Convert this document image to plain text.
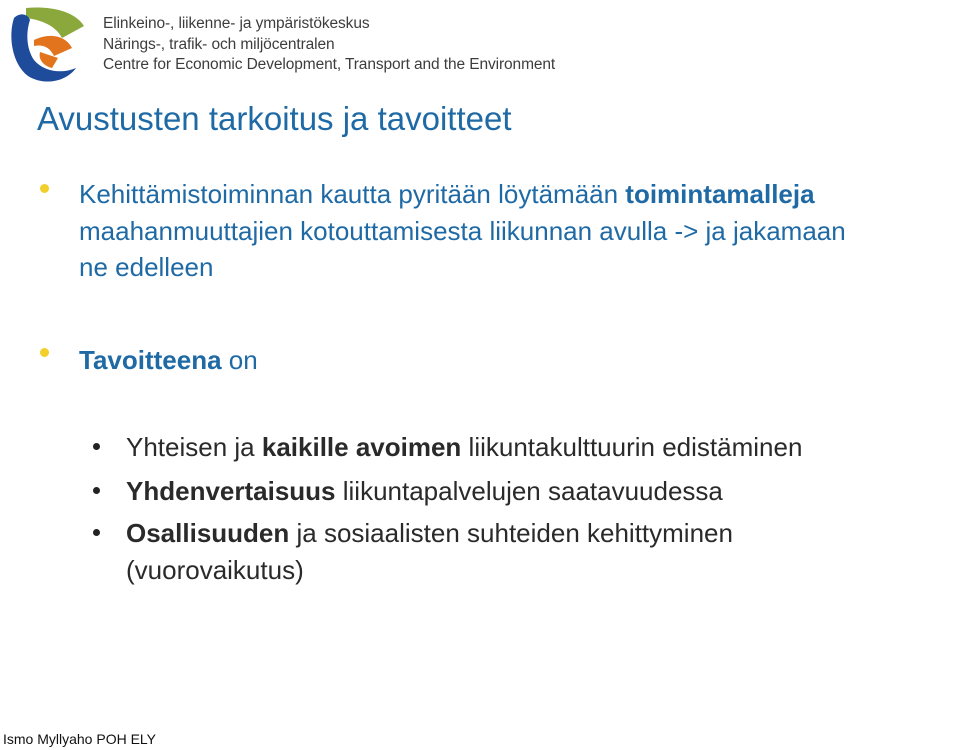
Elinkeino-, liikenne- ja ympäristökeskus
Närings-, trafik- och miljöcentralen
Centre for Economic Development, Transport and the Environment
Avustusten tarkoitus ja tavoitteet
Kehittämistoiminnan kautta pyritään löytämään toimintamalleja
maahanmuuttajien kotouttamisesta liikunnan avulla -> ja jakamaan
ne edelleen
Tavoitteena on
Yhteisen ja kaikille avoimen liikuntakulttuurin edistäminen
Yhdenvertaisuus liikuntapalvelujen saatavuudessa
Osallisuuden ja sosiaalisten suhteiden kehittyminen
(vuorovaikutus)
Ismo Myllyaho POH ELY
